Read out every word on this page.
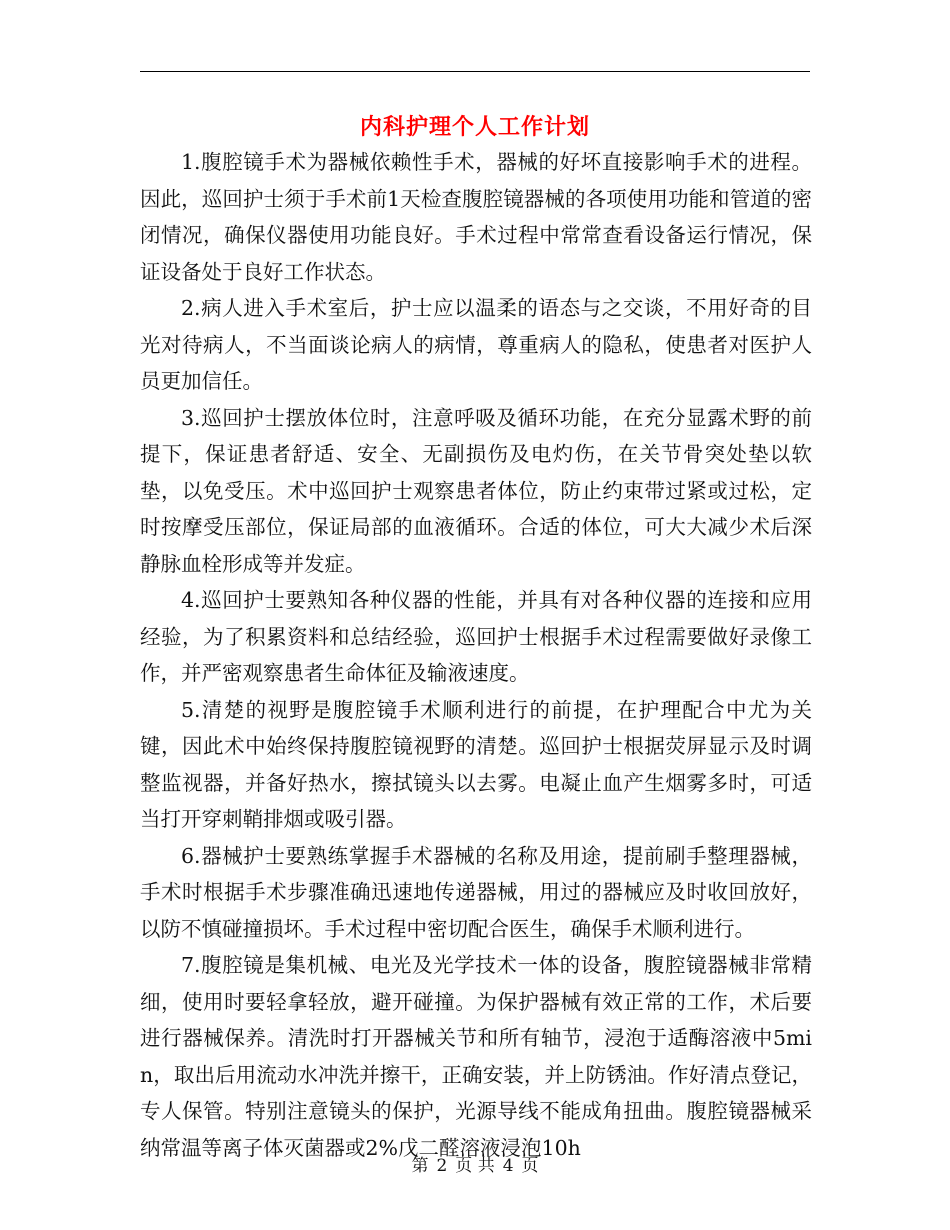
内科护理个人工作计划

1.腹腔镜手术为器械依赖性手术，器械的好坏直接影响手术的进程。因此，巡回护士须于手术前1天检查腹腔镜器械的各项使用功能和管道的密闭情况，确保仪器使用功能良好。手术过程中常常查看设备运行情况，保证设备处于良好工作状态。

2.病人进入手术室后，护士应以温柔的语态与之交谈，不用好奇的目光对待病人，不当面谈论病人的病情，尊重病人的隐私，使患者对医护人员更加信任。

3.巡回护士摆放体位时，注意呼吸及循环功能，在充分显露术野的前提下，保证患者舒适、安全、无副损伤及电灼伤，在关节骨突处垫以软垫，以免受压。术中巡回护士观察患者体位，防止约束带过紧或过松，定时按摩受压部位，保证局部的血液循环。合适的体位，可大大减少术后深静脉血栓形成等并发症。

4.巡回护士要熟知各种仪器的性能，并具有对各种仪器的连接和应用经验，为了积累资料和总结经验，巡回护士根据手术过程需要做好录像工作，并严密观察患者生命体征及输液速度。

5.清楚的视野是腹腔镜手术顺利进行的前提，在护理配合中尤为关键，因此术中始终保持腹腔镜视野的清楚。巡回护士根据荧屏显示及时调整监视器，并备好热水，擦拭镜头以去雾。电凝止血产生烟雾多时，可适当打开穿刺鞘排烟或吸引器。

6.器械护士要熟练掌握手术器械的名称及用途，提前刷手整理器械，手术时根据手术步骤准确迅速地传递器械，用过的器械应及时收回放好，以防不慎碰撞损坏。手术过程中密切配合医生，确保手术顺利进行。

7.腹腔镜是集机械、电光及光学技术一体的设备，腹腔镜器械非常精细，使用时要轻拿轻放，避开碰撞。为保护器械有效正常的工作，术后要进行器械保养。清洗时打开器械关节和所有轴节，浸泡于适酶溶液中5min，取出后用流动水冲洗并擦干，正确安装，并上防锈油。作好清点登记，专人保管。特别注意镜头的保护，光源导线不能成角扭曲。腹腔镜器械采纳常温等离子体灭菌器或2%戊二醛溶液浸泡10h

第 2 页 共 4 页
